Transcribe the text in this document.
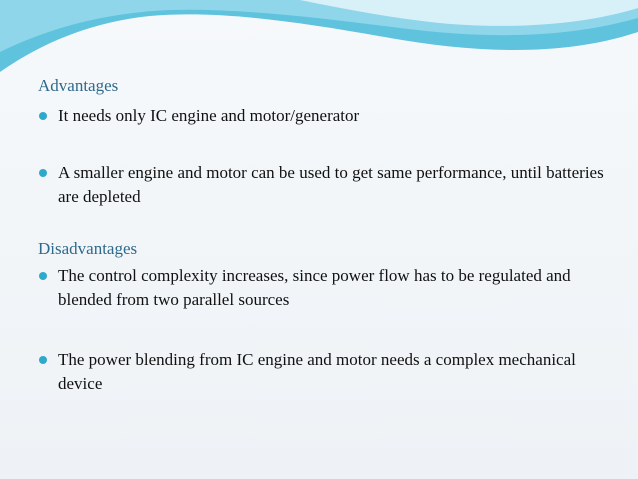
Advantages

It needs only IC engine and motor/generator
A smaller engine and motor can be used to get same performance, until batteries are depleted

Disadvantages

The control complexity increases, since power flow has to be regulated and blended from two parallel sources
The power blending from IC engine and motor needs a complex mechanical device
